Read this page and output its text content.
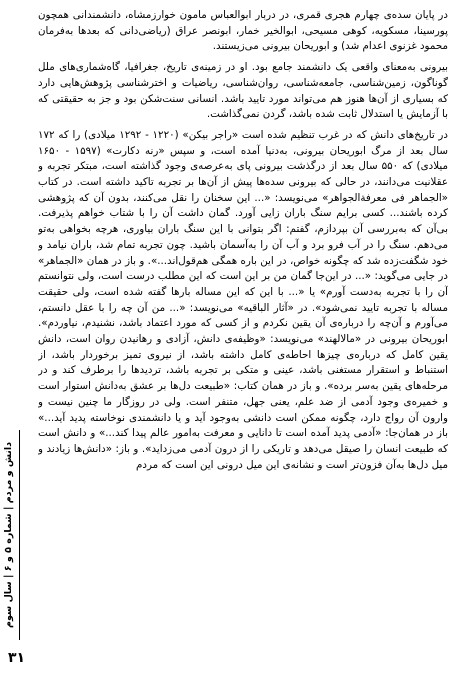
در پایان سده‌ی چهارم هجری قمری، در دربار ابوالعباس مامون خوارزمشاه، دانشمندانی همچون پورسینا، مسکویه، کوهی مسیحی، ابوالخیر خمار، ابونصر عراق (ریاضی‌دانی که بعدها به‌فرمان محمود غزنوی اعدام شد) و ابوریحان بیرونی می‌زیستند.

بیرونی به‌معنای واقعی یک دانشمند جامع بود. او در زمینه‌ی تاریخ، جغرافیا، گاه‌شماری‌های ملل گوناگون، زمین‌شناسی، جامعه‌شناسی، روان‌شناسی، ریاضیات و اخترشناسی پژوهش‌هایی دارد که بسیاری از آن‌ها هنوز هم می‌تواند مورد تایید باشد. انسانی سنت‌شکن بود و جز به حقیقتی که با آزمایش یا استدلال ثابت شده باشد، گردن نمی‌گذاشت.

در تاریخ‌های دانش که در غرب تنظیم شده است «راجر بیکن» (۱۲۲۰ - ۱۲۹۲ میلادی) را که ۱۷۲ سال بعد از مرگ ابوریحان بیرونی، به‌دنیا آمده است، و سپس «رنه دکارت» (۱۵۹۷ - ۱۶۵۰ میلادی) که ۵۵۰ سال بعد از درگذشت بیرونی پای به‌عرصه‌ی وجود گذاشته است، مبتکر تجربه و عقلانیت می‌دانند، در حالی که بیرونی سده‌ها پیش از آن‌ها بر تجربه تاکید داشته است. در کتاب «الجماهر فی معرفة‌الجواهر» می‌نویسد: «... این سخنان را نقل می‌کنند، بدون آن که پژوهشی کرده باشند... کسی برایم سنگ باران زایی آورد. گمان داشت آن را با شتاب خواهم پذیرفت. بی‌آن که به‌بررسی آن بپردازم، گفتم: اگر بتوانی با این سنگ باران بیاوری، هرچه بخواهی به‌تو می‌دهم. سنگ را در آب فرو برد و آب آن را به‌آسمان باشید. چون تجربه تمام شد، باران نیامد و خود شگفت‌زده شد که چگونه خواص، در این باره همگی هم‌قول‌اند...». و باز در همان «الجماهر» در جایی می‌گوید: «... در این‌جا گمان من بر این است که این مطلب درست است، ولی نتوانستم آن را با تجربه به‌دست آورم» یا «... با این که این مساله بارها گفته شده است، ولی حقیقت مساله با تجربه تایید نمی‌شود». در «آثار الباقیه» می‌نویسد: «... من آن چه را با عقل دانستم، می‌آورم و آن‌چه را درباره‌ی آن یقین نکردم و از کسی که مورد اعتماد باشد، نشنیدم، نیاوردم». ابوریحان بیرونی در «مالالهند» می‌نویسد: «وظیفه‌ی دانش، آزادی و رهانیدن روان است، دانش یقین کامل که درباره‌ی چیزها احاطه‌ی کامل داشته باشد، از نیروی تمیز برخوردار باشد، از استنباط و استقرار مستغنی باشد، عینی و متکی بر تجربه باشد، تردیدها را برطرف کند و در مرحله‌های یقین به‌سر برده». و باز در همان کتاب: «طبیعت دل‌ها بر عشق به‌دانش استوار است و خمیره‌ی وجود آدمی از ضد علم، یعنی جهل، متنفر است. ولی در روزگار ما چنین نیست و وارون آن رواج دارد، چگونه ممکن است دانشی به‌وجود آید و یا دانشمندی نوخاسته پدید آید...» باز در همان‌جا: «آدمی پدید آمده است تا دانایی و معرفت به‌امور عالم پیدا کند...» و دانش است که طبیعت انسان را صیقل می‌دهد و تاریکی را از درون آدمی می‌زداید». و باز: «دانش‌ها زیادند و میل دل‌ها به‌آن فزون‌تر است و نشانه‌ی این میل درونی این است که مردم

دانش و مردم | شماره ۵ و ۶ | سال سوم
۳۱
